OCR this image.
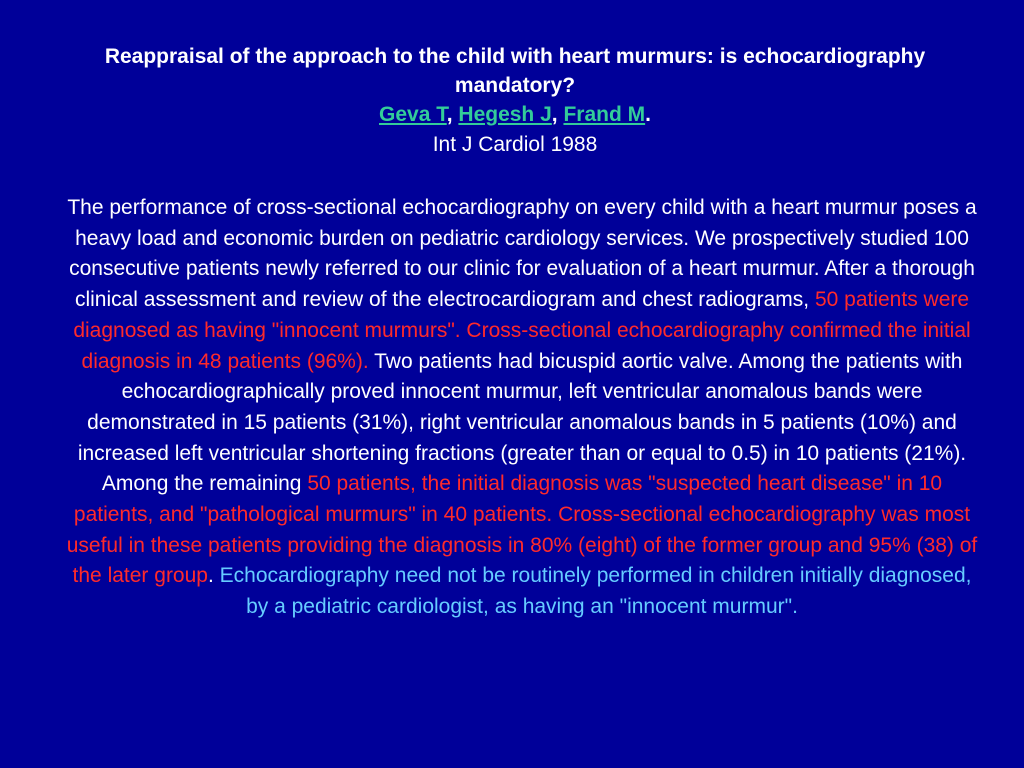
Reappraisal of the approach to the child with heart murmurs: is echocardiography mandatory?
Geva T, Hegesh J, Frand M.
Int J Cardiol 1988
The performance of cross-sectional echocardiography on every child with a heart murmur poses a heavy load and economic burden on pediatric cardiology services. We prospectively studied 100 consecutive patients newly referred to our clinic for evaluation of a heart murmur. After a thorough clinical assessment and review of the electrocardiogram and chest radiograms, 50 patients were diagnosed as having "innocent murmurs". Cross-sectional echocardiography confirmed the initial diagnosis in 48 patients (96%). Two patients had bicuspid aortic valve. Among the patients with echocardiographically proved innocent murmur, left ventricular anomalous bands were demonstrated in 15 patients (31%), right ventricular anomalous bands in 5 patients (10%) and increased left ventricular shortening fractions (greater than or equal to 0.5) in 10 patients (21%). Among the remaining 50 patients, the initial diagnosis was "suspected heart disease" in 10 patients, and "pathological murmurs" in 40 patients. Cross-sectional echocardiography was most useful in these patients providing the diagnosis in 80% (eight) of the former group and 95% (38) of the later group. Echocardiography need not be routinely performed in children initially diagnosed, by a pediatric cardiologist, as having an "innocent murmur".
